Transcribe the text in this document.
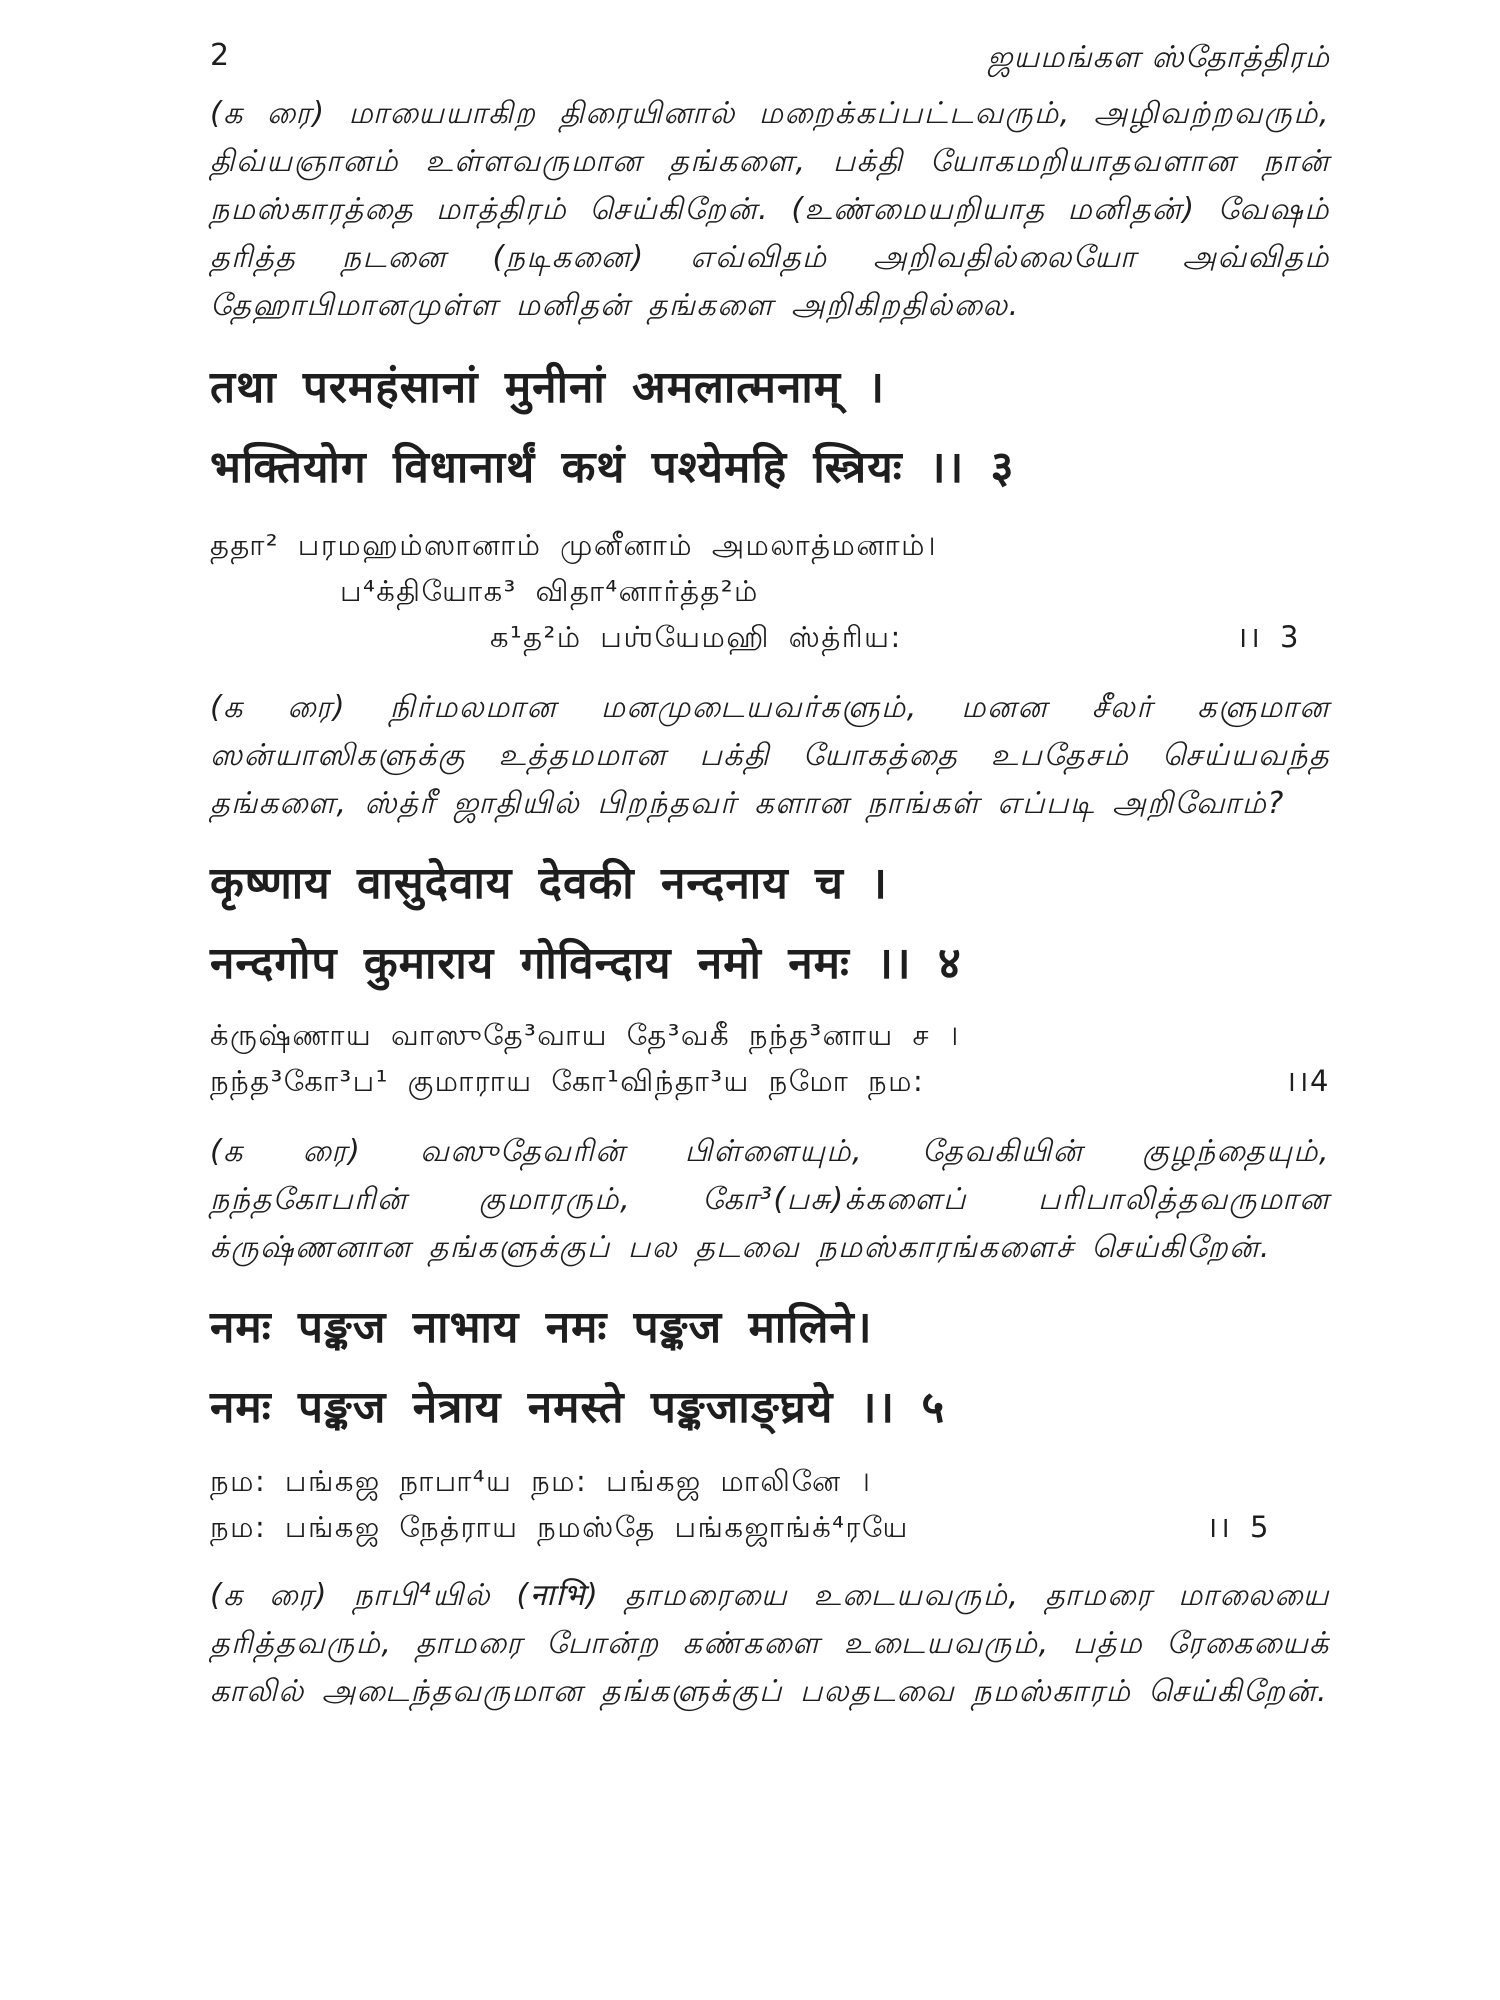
2	ஜயமங்கள ஸ்தோத்திரம்

(க ரை) மாயையாகிற திரையினால் மறைக்கப்பட்டவரும், அழிவற்றவரும், திவ்யஞானம் உள்ளவருமான தங்களை, பக்தி யோகமறியாதவளான நான் நமஸ்காரத்தை மாத்திரம் செய்கிறேன். (உண்மையறியாத மனிதன்) வேஷம் தரித்த நடனை (நடிகனை) எவ்விதம் அறிவதில்லையோ அவ்விதம் தேஹாபிமானமுள்ள மனிதன் தங்களை அறிகிறதில்லை.

तथा परमहंसानां मुनीनां अमलात्मनाम् ।
भक्तियोग विधानार्थं कथं पश्येमहि स्त्रियः ।। ३
ததா² பரமஹம்ஸானாம் முனீனாம் அமலாத்மனாம்।
ப⁴க்தியோக³ விதா⁴னார்த்த²ம்
க¹த²ம் பஶ்யேமஹி ஸ்த்ரிய:	।। 3

(க ரை) நிர்மலமான மனமுடையவர்களும், மனன சீலர் களுமான ஸன்யாஸிகளுக்கு உத்தமமான பக்தி யோகத்தை உபதேசம் செய்யவந்த தங்களை, ஸ்த்ரீ ஜாதியில் பிறந்தவர் களான நாங்கள் எப்படி அறிவோம்?

कृष्णाय वासुदेवाय देवकी नन्दनाय च ।
नन्दगोप कुमाराय गोविन्दाय नमो नमः ।। ४
க்ருஷ்ணாய வாஸுதே³வாய தே³வகீ நந்த³னாய ச ।
நந்த³கோ³ப¹ குமாராய கோ¹விந்தா³ய நமோ நம:	।।4

(க ரை) வஸுதேவரின் பிள்ளையும், தேவகியின் குழந்தையும், நந்தகோபரின் குமாரரும், கோ³(பசு)க்களைப் பரிபாலித்தவருமான க்ருஷ்ணனான தங்களுக்குப் பல தடவை நமஸ்காரங்களைச் செய்கிறேன்.

नमः पङ्कज नाभाय नमः पङ्कज मालिने।
नमः पङ्कज नेत्राय नमस्ते पङ्कजाङ्घ्रये ।। ५
நம: பங்கஜ நாபா⁴ய நம: பங்கஜ மாலினே ।
நம: பங்கஜ நேத்ராய நமஸ்தே பங்கஜாங்க்⁴ரயே	।। 5

(க ரை) நாபி⁴யில் (नाभि) தாமரையை உடையவரும், தாமரை மாலையை தரித்தவரும், தாமரை போன்ற கண்களை உடையவரும், பத்ம ரேகையைக் காலில் அடைந்தவருமான தங்களுக்குப் பலதடவை நமஸ்காரம் செய்கிறேன்.
